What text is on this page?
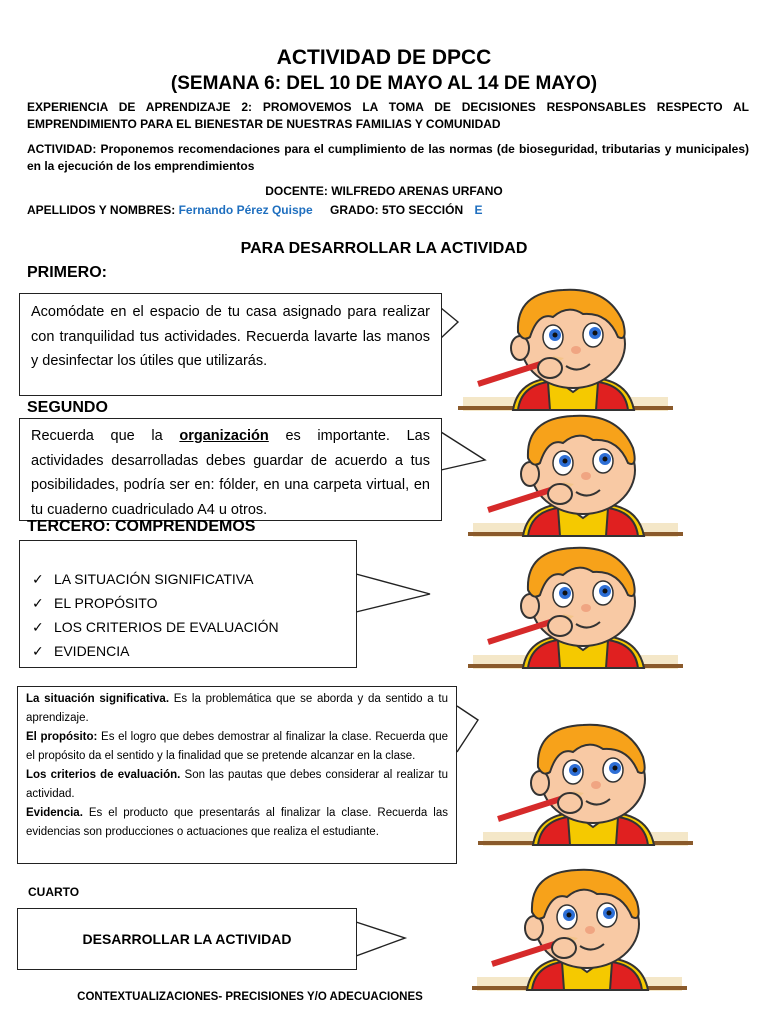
ACTIVIDAD DE DPCC
(SEMANA 6: DEL 10 DE MAYO AL 14 DE MAYO)
EXPERIENCIA DE APRENDIZAJE 2: PROMOVEMOS LA TOMA DE DECISIONES RESPONSABLES RESPECTO AL EMPRENDIMIENTO PARA EL BIENESTAR DE NUESTRAS FAMILIAS Y COMUNIDAD
ACTIVIDAD: Proponemos recomendaciones para el cumplimiento de las normas (de bioseguridad, tributarias y municipales) en la ejecución de los emprendimientos
DOCENTE: WILFREDO ARENAS URFANO
APELLIDOS Y NOMBRES: Fernando Pérez Quispe GRADO: 5TO SECCIÓN E
PARA DESARROLLAR LA ACTIVIDAD
PRIMERO:
Acomódate en el espacio de tu casa asignado para realizar con tranquilidad tus actividades. Recuerda lavarte las manos y desinfectar los útiles que utilizarás.
SEGUNDO
Recuerda que la organización es importante. Las actividades desarrolladas debes guardar de acuerdo a tus posibilidades, podría ser en: fólder, en una carpeta virtual, en tu cuaderno cuadriculado A4 u otros.
TERCERO: COMPRENDEMOS
✓ LA SITUACIÓN SIGNIFICATIVA
✓ EL PROPÓSITO
✓ LOS CRITERIOS DE EVALUACIÓN
✓ EVIDENCIA
La situación significativa. Es la problemática que se aborda y da sentido a tu aprendizaje.
El propósito: Es el logro que debes demostrar al finalizar la clase. Recuerda que el propósito da el sentido y la finalidad que se pretende alcanzar en la clase.
Los criterios de evaluación. Son las pautas que debes considerar al realizar tu actividad.
Evidencia. Es el producto que presentarás al finalizar la clase. Recuerda las evidencias son producciones o actuaciones que realiza el estudiante.
CUARTO
DESARROLLAR LA ACTIVIDAD
CONTEXTUALIZACIONES- PRECISIONES Y/O ADECUACIONES
